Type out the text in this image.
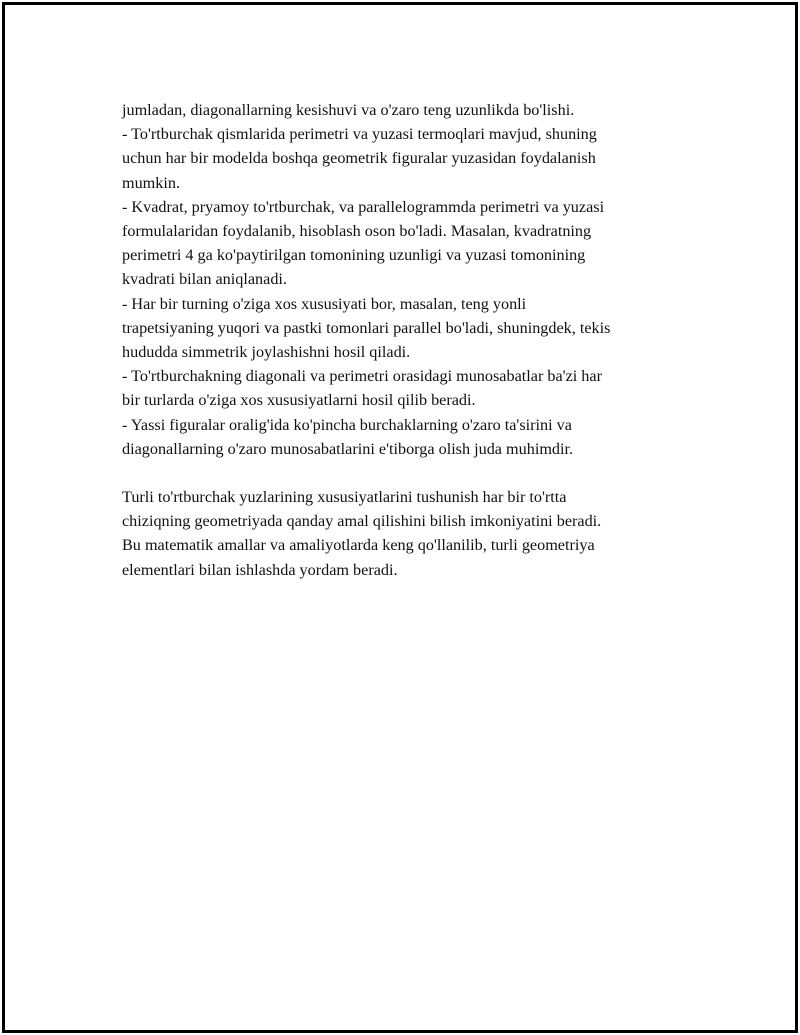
jumladan, diagonallarning kesishuvi va o'zaro teng uzunlikda bo'lishi.
- To'rtburchak qismlarida perimetri va yuzasi termoqlari mavjud, shuning
uchun har bir modelda boshqa geometrik figuralar yuzasidan foydalanish
mumkin.
- Kvadrat, pryamoy to'rtburchak, va parallelogrammda perimetri va yuzasi
formulalaridan foydalanib, hisoblash oson bo'ladi. Masalan, kvadratning
perimetri 4 ga ko'paytirilgan tomonining uzunligi va yuzasi tomonining
kvadrati bilan aniqlanadi.
- Har bir turning o'ziga xos xususiyati bor, masalan, teng yonli
trapetsiyaning yuqori va pastki tomonlari parallel bo'ladi, shuningdek, tekis
hududda simmetrik joylashishni hosil qiladi.
- To'rtburchakning diagonali va perimetri orasidagi munosabatlar ba'zi har
bir turlarda o'ziga xos xususiyatlarni hosil qilib beradi.
- Yassi figuralar oralig'ida ko'pincha burchaklarning o'zaro ta'sirini va
diagonallarning o'zaro munosabatlarini e'tiborga olish juda muhimdir.
Turli to'rtburchak yuzlarining xususiyatlarini tushunish har bir to'rtta
chiziqning geometriyada qanday amal qilishini bilish imkoniyatini beradi.
Bu matematik amallar va amaliyotlarda keng qo'llanilib, turli geometriya
elementlari bilan ishlashda yordam beradi.
